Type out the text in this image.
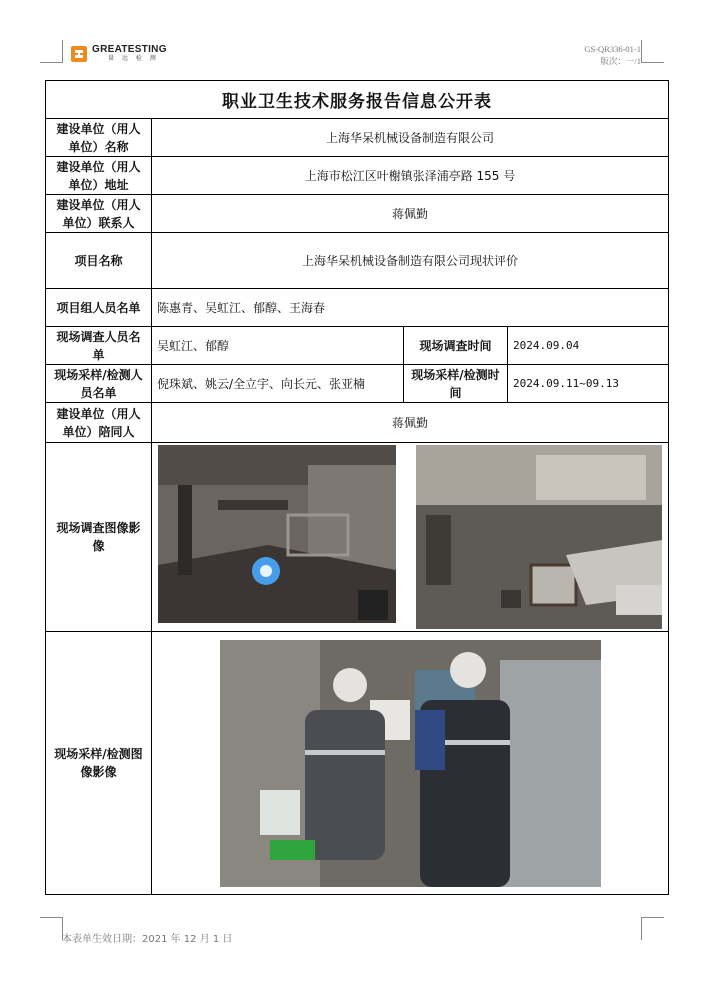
GREATESTING
量 远 检 测
GS-QR336-01-1
版次：一/1
职业卫生技术服务报告信息公开表			
建设单位（用人单位）名称	上海华呆机械设备制造有限公司		
建设单位（用人单位）地址	上海市松江区叶榭镇张泽浦亭路 155 号		
建设单位（用人单位）联系人	蒋佩勤		
项目名称	上海华呆机械设备制造有限公司现状评价		
项目组人员名单	陈惠青、吴虹江、郁醇、王海春		
现场调查人员名单	吴虹江、郁醇	现场调查时间	2024.09.04
现场采样/检测人员名单	倪珠斌、姚云/全立宇、向长元、张亚楠	现场采样/检测时间	2024.09.11~09.13
建设单位（用人单位）陪同人	蒋佩勤		
现场调查图像影像	

现场采样/检测图像影像	
本表单生效日期：2021 年 12 月 1 日
